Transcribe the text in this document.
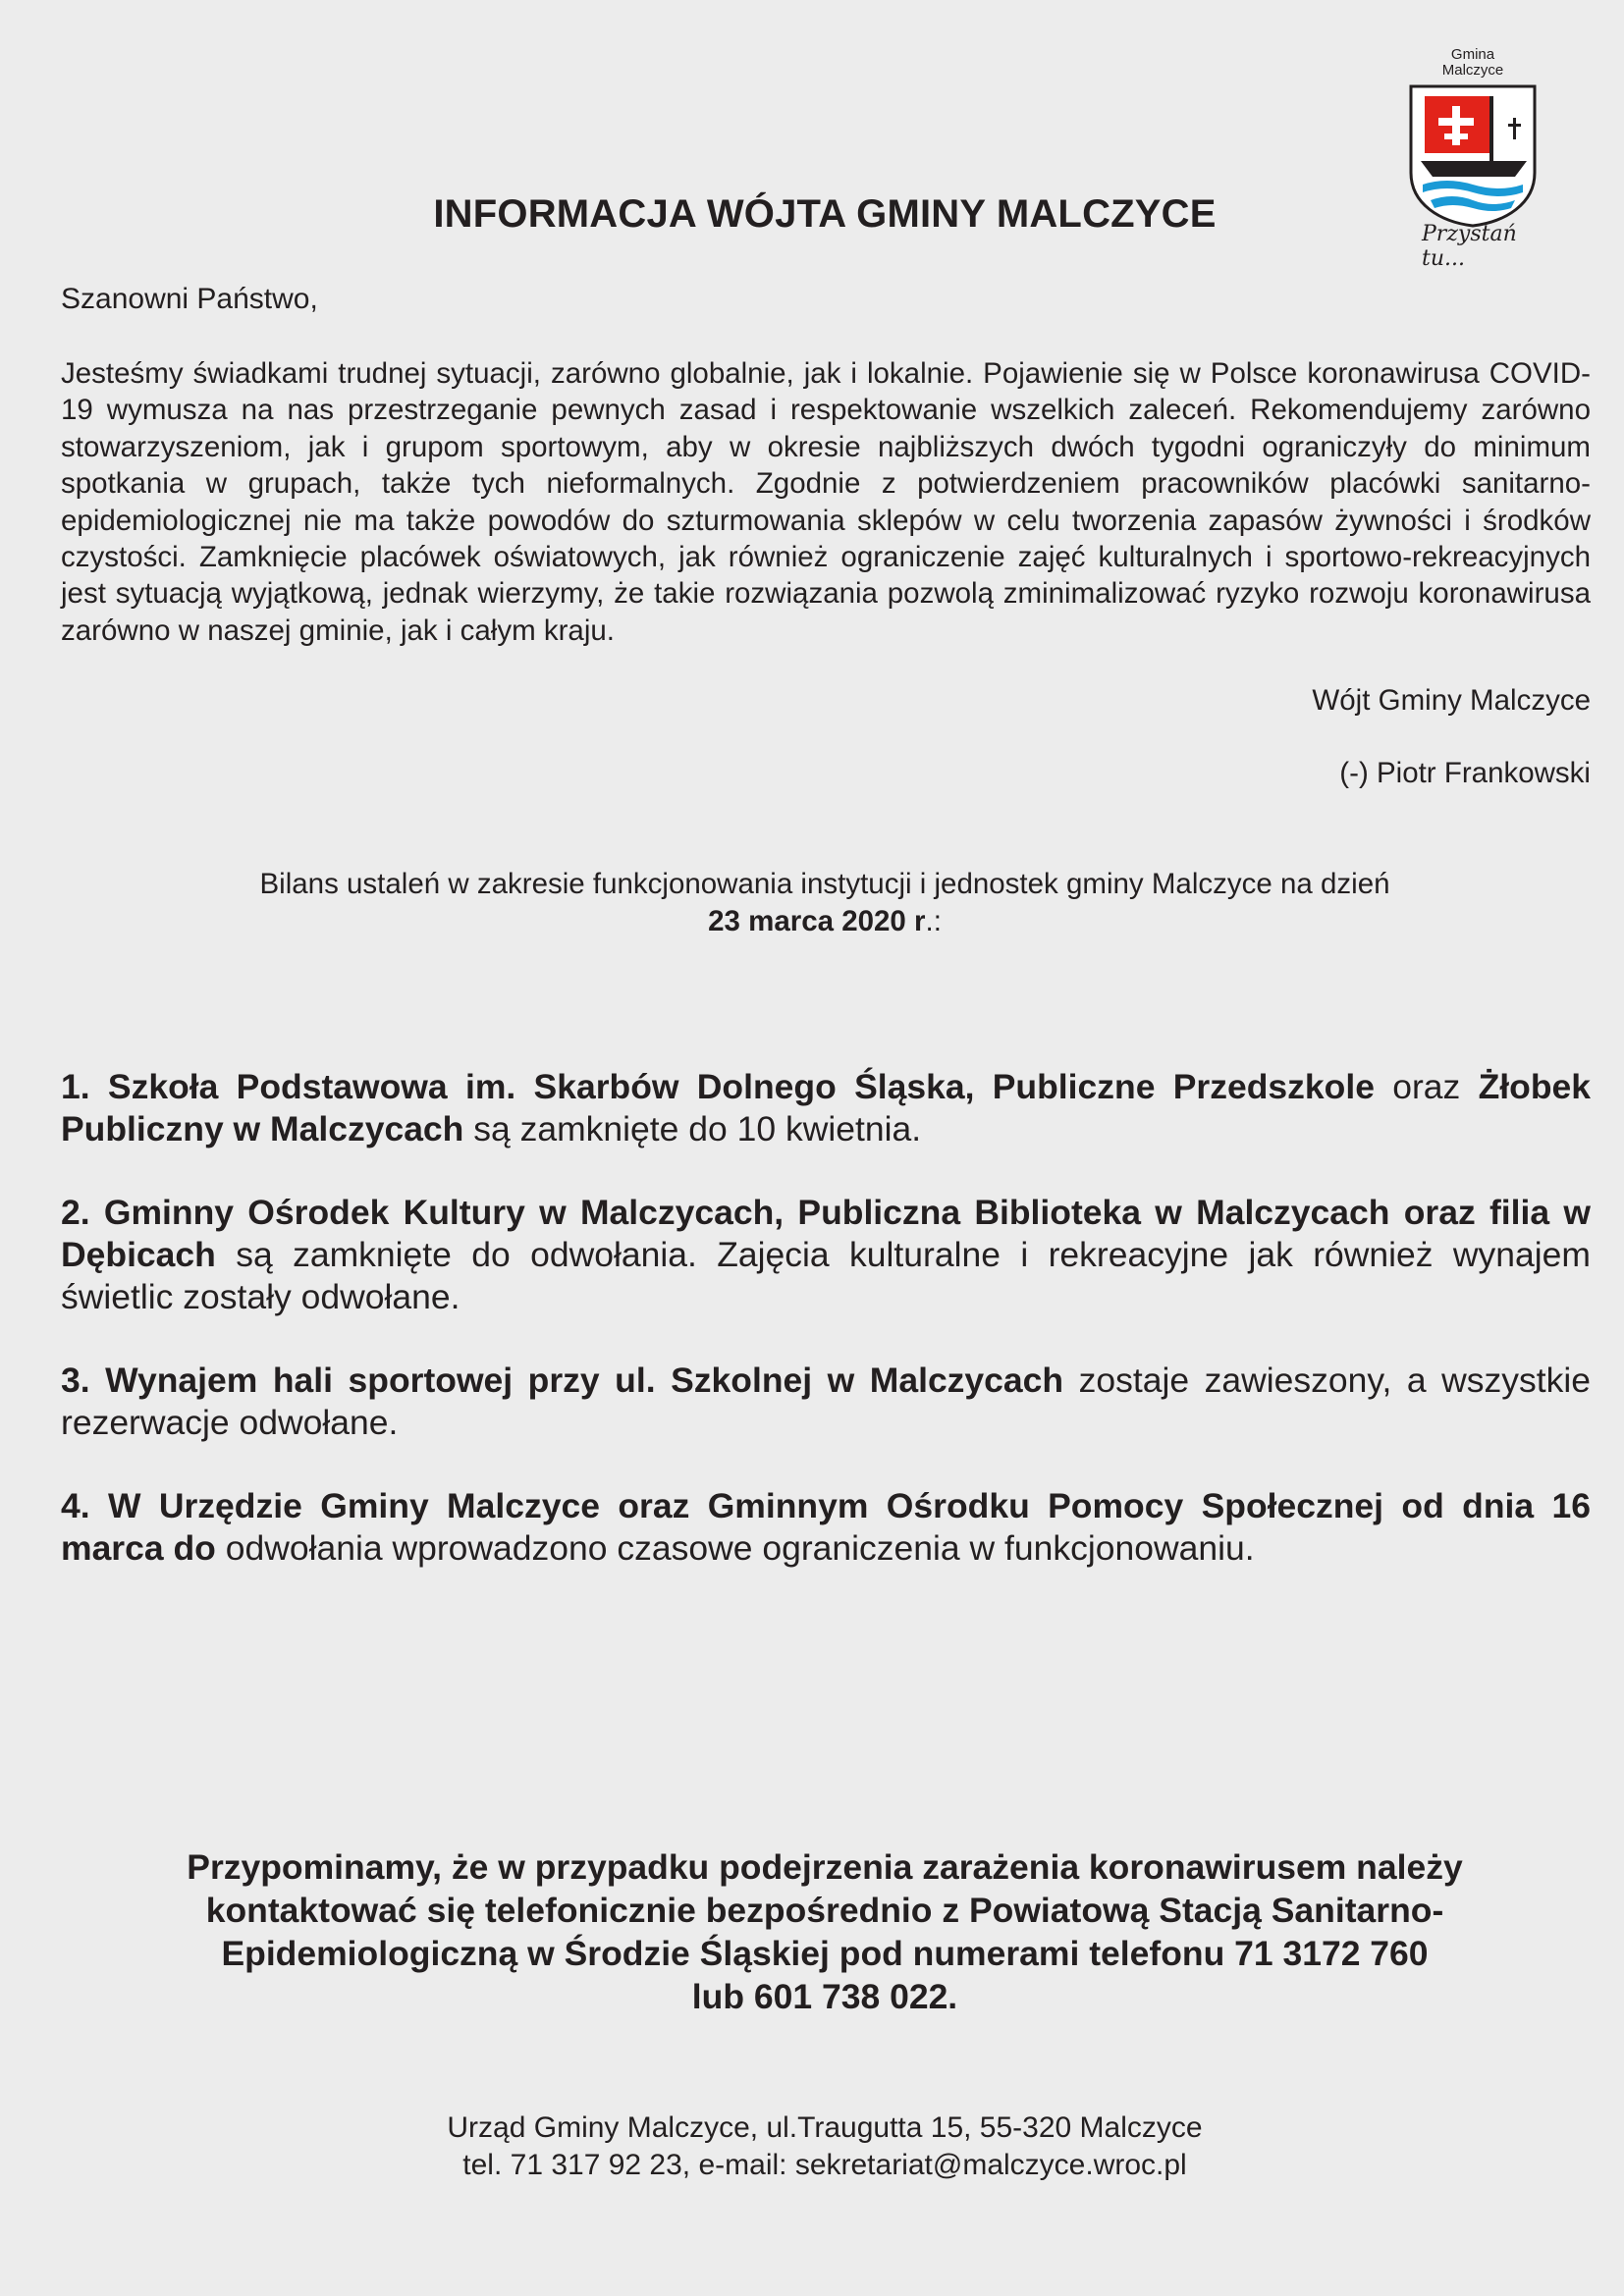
Gmina
Malczyce
Przystań tu...
INFORMACJA WÓJTA GMINY MALCZYCE
Szanowni Państwo,
Jesteśmy świadkami trudnej sytuacji, zarówno globalnie, jak i lokalnie. Pojawienie się w Polsce koronawirusa COVID-19 wymusza na nas przestrzeganie pewnych zasad i respektowanie wszelkich zaleceń. Rekomendujemy zarówno stowarzyszeniom, jak i grupom sportowym, aby w okresie najbliższych dwóch tygodni ograniczyły do minimum spotkania w grupach, także tych nieformalnych. Zgodnie z potwierdzeniem pracowników placówki sanitarno-epidemiologicznej nie ma także powodów do szturmowania sklepów w celu tworzenia zapasów żywności i środków czystości. Zamknięcie placówek oświatowych, jak również ograniczenie zajęć kulturalnych i sportowo-rekreacyjnych jest sytuacją wyjątkową, jednak wierzymy, że takie rozwiązania pozwolą zminimalizować ryzyko rozwoju koronawirusa zarówno w naszej gminie, jak i całym kraju.
Wójt Gminy Malczyce
(-) Piotr Frankowski
Bilans ustaleń w zakresie funkcjonowania instytucji i jednostek gminy Malczyce na dzień
23 marca 2020 r.:
1. Szkoła Podstawowa im. Skarbów Dolnego Śląska, Publiczne Przedszkole oraz Żłobek Publiczny w Malczycach są zamknięte do 10 kwietnia.
2. Gminny Ośrodek Kultury w Malczycach, Publiczna Biblioteka w Malczycach oraz filia w Dębicach są zamknięte do odwołania. Zajęcia kulturalne i rekreacyjne jak również wynajem świetlic zostały odwołane.
3. Wynajem hali sportowej przy ul. Szkolnej w Malczycach zostaje zawieszony, a wszystkie rezerwacje odwołane.
4. W Urzędzie Gminy Malczyce oraz Gminnym Ośrodku Pomocy Społecznej od dnia 16 marca do odwołania wprowadzono czasowe ograniczenia w funkcjonowaniu.
Przypominamy, że w przypadku podejrzenia zarażenia koronawirusem należy
kontaktować się telefonicznie bezpośrednio z Powiatową Stacją Sanitarno-
Epidemiologiczną w Środzie Śląskiej pod numerami telefonu 71 3172 760
lub 601 738 022.
Urząd Gminy Malczyce, ul.Traugutta 15, 55-320 Malczyce
tel. 71 317 92 23, e-mail: sekretariat@malczyce.wroc.pl
